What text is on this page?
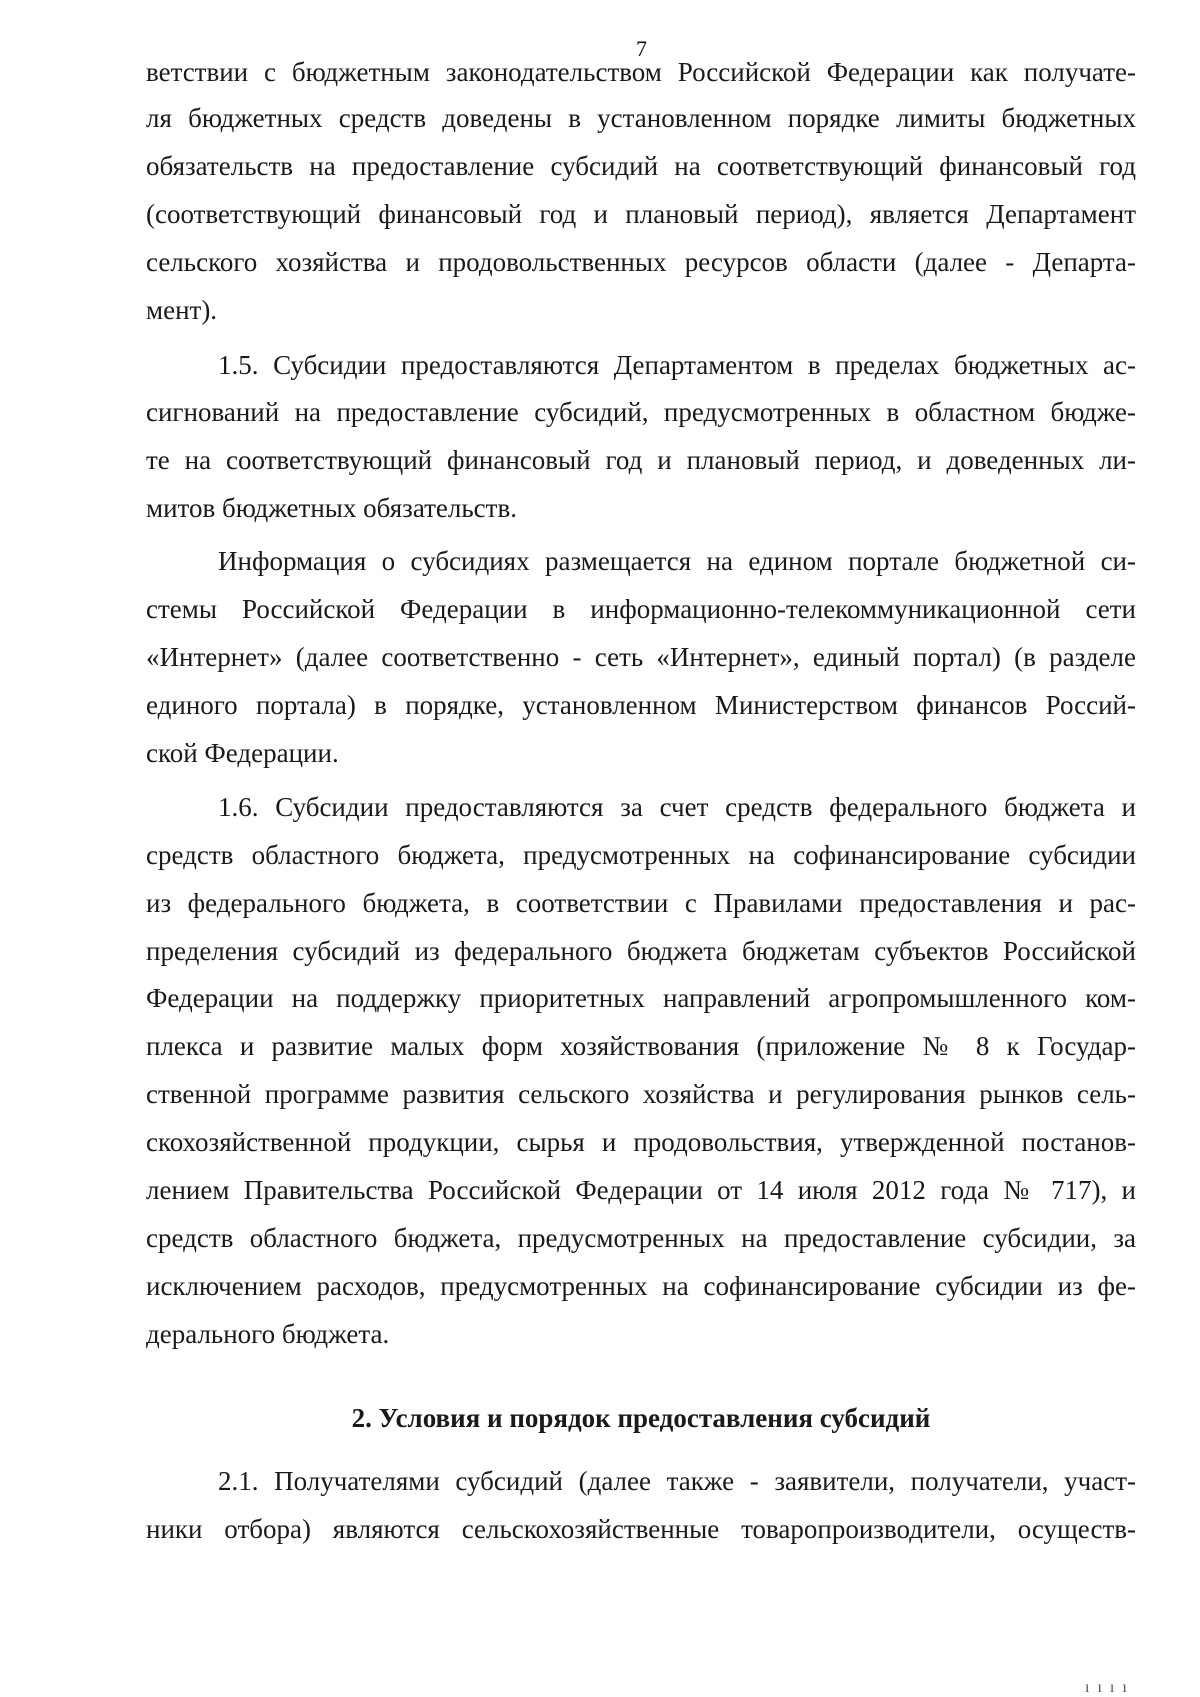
7
ветствии с бюджетным законодательством Российской Федерации как получате-
ля бюджетных средств доведены в установленном порядке лимиты бюджетных
обязательств на предоставление субсидий на соответствующий финансовый год
(соответствующий финансовый год и плановый период), является Департамент
сельского хозяйства и продовольственных ресурсов области (далее - Департа-
мент).
1.5. Субсидии предоставляются Департаментом в пределах бюджетных ас-
сигнований на предоставление субсидий, предусмотренных в областном бюдже-
те на соответствующий финансовый год и плановый период, и доведенных ли-
митов бюджетных обязательств.
Информация о субсидиях размещается на едином портале бюджетной си-
стемы Российской Федерации в информационно-телекоммуникационной сети
«Интернет» (далее соответственно - сеть «Интернет», единый портал) (в разделе
единого портала) в порядке, установленном Министерством финансов Россий-
ской Федерации.
1.6. Субсидии предоставляются за счет средств федерального бюджета и
средств областного бюджета, предусмотренных на софинансирование субсидии
из федерального бюджета, в соответствии с Правилами предоставления и рас-
пределения субсидий из федерального бюджета бюджетам субъектов Российской
Федерации на поддержку приоритетных направлений агропромышленного ком-
плекса и развитие малых форм хозяйствования (приложение № 8 к Государ-
ственной программе развития сельского хозяйства и регулирования рынков сель-
скохозяйственной продукции, сырья и продовольствия, утвержденной постанов-
лением Правительства Российской Федерации от 14 июля 2012 года № 717), и
средств областного бюджета, предусмотренных на предоставление субсидии, за
исключением расходов, предусмотренных на софинансирование субсидии из фе-
дерального бюджета.
2. Условия и порядок предоставления субсидий
2.1. Получателями субсидий (далее также - заявители, получатели, участ-
ники отбора) являются сельскохозяйственные товаропроизводители, осуществ-
ı ı ı ı
